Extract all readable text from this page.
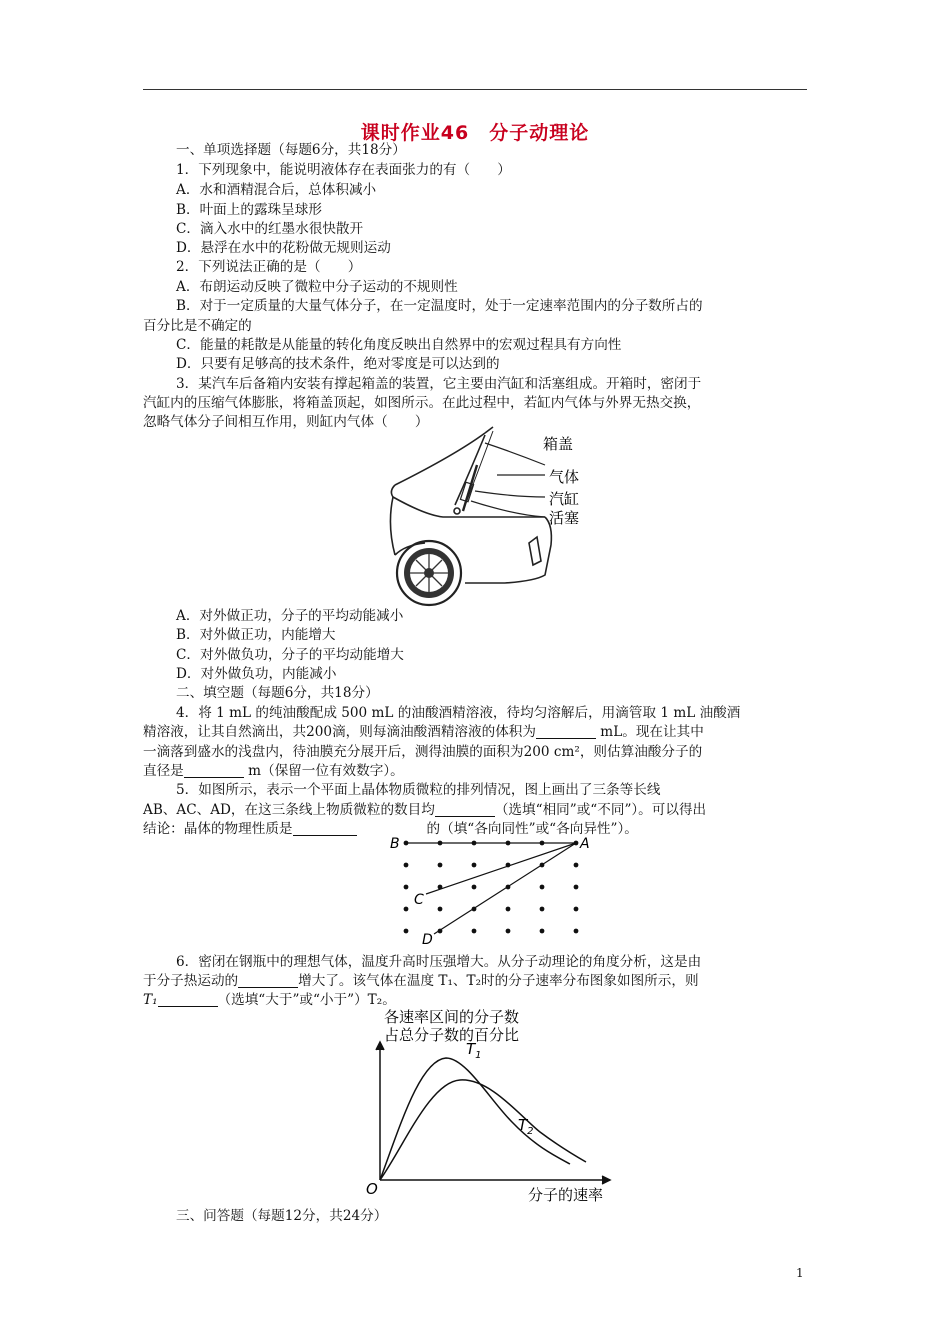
课时作业46　分子动理论
一、单项选择题（每题6分，共18分）
1．下列现象中，能说明液体存在表面张力的有（　　）
A．水和酒精混合后，总体积减小
B．叶面上的露珠呈球形
C．滴入水中的红墨水很快散开
D．悬浮在水中的花粉做无规则运动
2．下列说法正确的是（　　）
A．布朗运动反映了微粒中分子运动的不规则性
B．对于一定质量的大量气体分子，在一定温度时，处于一定速率范围内的分子数所占的
百分比是不确定的
C．能量的耗散是从能量的转化角度反映出自然界中的宏观过程具有方向性
D．只要有足够高的技术条件，绝对零度是可以达到的
3．某汽车后备箱内安装有撑起箱盖的装置，它主要由汽缸和活塞组成。开箱时，密闭于
汽缸内的压缩气体膨胀，将箱盖顶起，如图所示。在此过程中，若缸内气体与外界无热交换，
忽略气体分子间相互作用，则缸内气体（　　）
箱盖
气体
汽缸
活塞
A．对外做正功，分子的平均动能减小
B．对外做正功，内能增大
C．对外做负功，分子的平均动能增大
D．对外做负功，内能减小
二、填空题（每题6分，共18分）
4．将 1 mL 的纯油酸配成 500 mL 的油酸酒精溶液，待均匀溶解后，用滴管取 1 mL 油酸酒
精溶液，让其自然滴出，共200滴，则每滴油酸酒精溶液的体积为	mL。现在让其中
一滴落到盛水的浅盘内，待油膜充分展开后，测得油膜的面积为200 cm²，则估算油酸分子的
直径是	m（保留一位有效数字）。
5．如图所示，表示一个平面上晶体物质微粒的排列情况，图上画出了三条等长线
AB、AC、AD，在这三条线上物质微粒的数目均	（选填“相同”或“不同”）。可以得出
结论：晶体的物理性质是	的（填“各向同性”或“各向异性”）。
B	A
C
D
6．密闭在钢瓶中的理想气体，温度升高时压强增大。从分子动理论的角度分析，这是由
于分子热运动的	增大了。该气体在温度 T₁、T₂时的分子速率分布图象如图所示，则
T₁	（选填“大于”或“小于”）T₂。
各速率区间的分子数
占总分子数的百分比
O
$T_1$
$T_2$
分子的速率
三、问答题（每题12分，共24分）
1
